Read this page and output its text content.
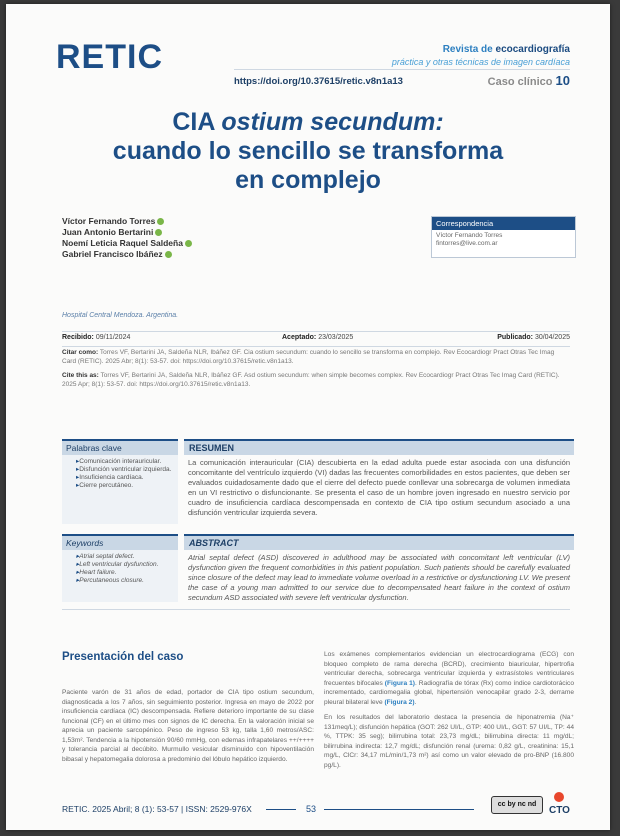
RETIC	Revista de ecocardiografía
práctica y otras técnicas de imagen cardíaca
https://doi.org/10.37615/retic.v8n1a13	Caso clínico 10
CIA ostium secundum:
cuando lo sencillo se transforma
en complejo
Víctor Fernando Torres
Juan Antonio Bertarini
Noemí Leticia Raquel Saldeña
Gabriel Francisco Ibáñez
Correspondencia
Víctor Fernando Torres
fintorres@live.com.ar
Hospital Central Mendoza. Argentina.
Recibido: 09/11/2024	Aceptado: 23/03/2025	Publicado: 30/04/2025
Citar como: Torres VF, Bertarini JA, Saldeña NLR, Ibáñez GF. Cia ostium secundum: cuando lo sencillo se transforma en complejo. Rev Ecocardiogr Pract Otras Tec Imag Card (RETIC). 2025 Abr; 8(1): 53-57. doi: https://doi.org/10.37615/retic.v8n1a13.
Cite this as: Torres VF, Bertarini JA, Saldeña NLR, Ibáñez GF. Asd ostium secundum: when simple becomes complex. Rev Ecocardiogr Pract Otras Tec Imag Card (RETIC). 2025 Apr; 8(1): 53-57. doi: https://doi.org/10.37615/retic.v8n1a13.
Palabras clave
▸ Comunicación interauricular.
▸ Disfunción ventricular izquierda.
▸ Insuficiencia cardíaca.
▸ Cierre percutáneo.
RESUMEN
La comunicación interauricular (CIA) descubierta en la edad adulta puede estar asociada con una disfunción concomitante del ventrículo izquierdo (VI) dadas las frecuentes comorbilidades en estos pacientes, que deben ser evaluados cuidadosamente dado que el cierre del defecto puede conllevar una sobrecarga de volumen inmediata en un VI restrictivo o disfuncionante. Se presenta el caso de un hombre joven ingresado en nuestro servicio por cuadro de insuficiencia cardíaca descompensada en contexto de CIA tipo ostium secundum asociado a una disfunción ventricular izquierda severa.
Keywords
▸ Atrial septal defect.
▸ Left ventricular dysfunction.
▸ Heart failure.
▸ Percutaneous closure.
ABSTRACT
Atrial septal defect (ASD) discovered in adulthood may be associated with concomitant left ventricular (LV) dysfunction given the frequent comorbidities in this patient population. Such patients should be carefully evaluated since closure of the defect may lead to immediate volume overload in a restrictive or dysfunctioning LV. We present the case of a young man admitted to our service due to decompensated heart failure in the context of ostium secundum ASD associated with severe left ventricular dysfunction.
Presentación del caso
Paciente varón de 31 años de edad, portador de CIA tipo ostium secundum, diagnosticada a los 7 años, sin seguimiento posterior. Ingresa en mayo de 2022 por insuficiencia cardíaca (IC) descompensada. Refiere deterioro importante de su clase funcional (CF) en el último mes con signos de IC derecha. En la valoración inicial se aprecia un paciente sarcopénico. Peso de ingreso 53 kg, talla 1,60 metros/ASC: 1,53m². Tendencia a la hipotensión 90/60 mmHg, con edemas infrapatelares ++/++++ y tolerancia parcial al decúbito. Murmullo vesicular disminuido con hipoventilación bibasal y hepatomegalia dolorosa a predominio del lóbulo hepático izquierdo.

Los exámenes complementarios evidencian un electrocardiograma (ECG) con bloqueo completo de rama derecha (BCRD), crecimiento biauricular, hipertrofia ventricular derecha, sobrecarga ventricular izquierda y extrasístoles ventriculares frecuentes bifocales (Figura 1). Radiografía de tórax (Rx) como índice cardiotorácico incrementado, cardiomegalia global, hipertensión venocapilar grado 2-3, derrame pleural bilateral leve (Figura 2).

En los resultados del laboratorio destaca la presencia de hiponatremia (Na⁺ 131meq/L); disfunción hepática (GOT: 262 UI/L, GTP: 400 UI/L, GGT: 57 UI/L, TP: 44 %, TTPK: 35 seg); bilirrubina total: 23,73 mg/dL; bilirrubina directa: 11 mg/dL; bilirrubina indirecta: 12,7 mg/dL; disfunción renal (urema: 0,82 g/L, creatinina: 15,1 mg/L, ClCr: 34,17 mL/min/1,73 m²) así como un valor elevado de pro-BNP (16.800 pg/L).

RETIC. 2025 Abril; 8 (1): 53-57 | ISSN: 2529-976X	53	cc by nc nd
CTO
